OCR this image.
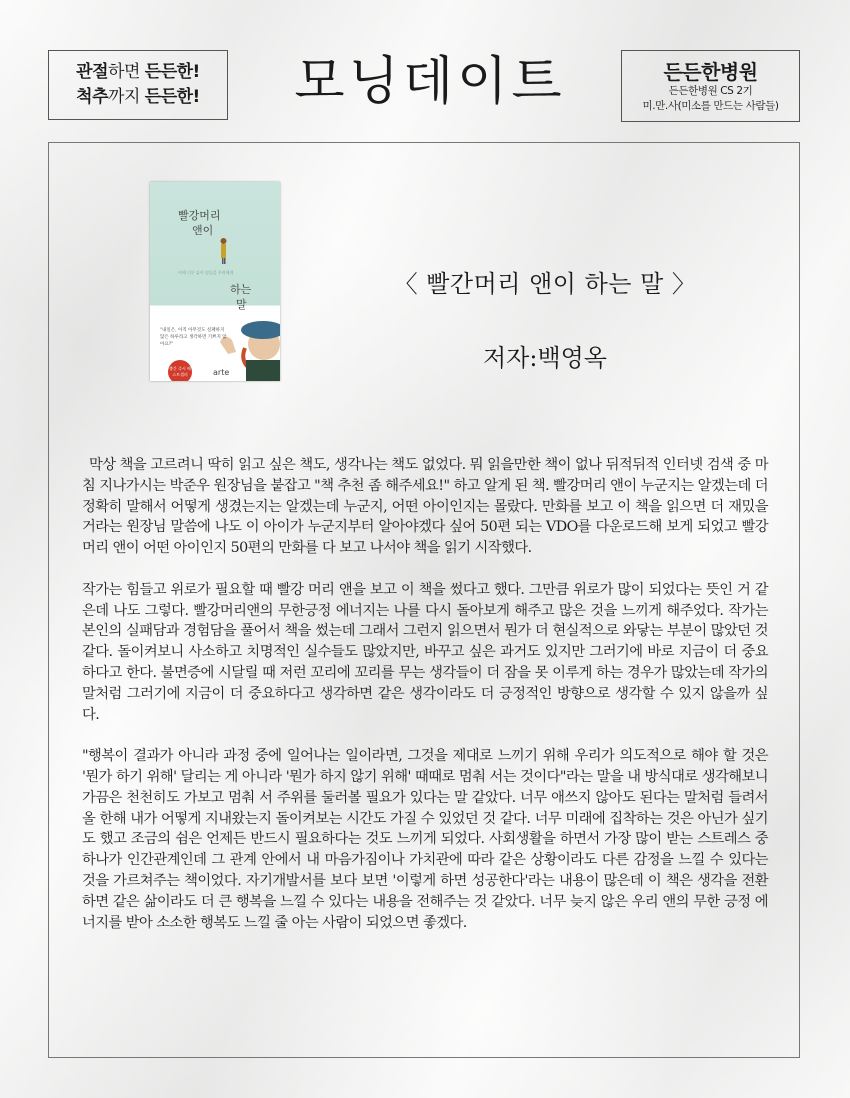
관절하면 든든한!
척추까지 든든한!	모닝데이트	든든한병원
든든한병원 CS 2기
미.만.사(미소를 만드는 사람들)
빨강머리
앤이
어제 너무 늦어 힘들을 우리에게
하는
말
"내일은, 아직 아무것도 실패하지 않은 하루라고 생각하면 기쁘지 않아요?"
출간 즉시 베스트셀러	arte
〈 빨간머리 앤이 하는 말 〉
저자:백영옥

막상 책을 고르려니 딱히 읽고 싶은 책도, 생각나는 책도 없었다. 뭐 읽을만한 책이 없나 뒤적뒤적 인터넷 검색 중 마침 지나가시는 박준우 원장님을 붙잡고 "책 추천 좀 해주세요!" 하고 알게 된 책. 빨강머리 앤이 누군지는 알겠는데 더 정확히 말해서 어떻게 생겼는지는 알겠는데 누군지, 어떤 아이인지는 몰랐다. 만화를 보고 이 책을 읽으면 더 재밌을 거라는 원장님 말씀에 나도 이 아이가 누군지부터 알아야겠다 싶어 50편 되는 VDO를 다운로드해 보게 되었고 빨강 머리 앤이 어떤 아이인지 50편의 만화를 다 보고 나서야 책을 읽기 시작했다.

작가는 힘들고 위로가 필요할 때 빨강 머리 앤을 보고 이 책을 썼다고 했다. 그만큼 위로가 많이 되었다는 뜻인 거 같은데 나도 그렇다. 빨강머리앤의 무한긍정 에너지는 나를 다시 돌아보게 해주고 많은 것을 느끼게 해주었다. 작가는 본인의 실패담과 경험담을 풀어서 책을 썼는데 그래서 그런지 읽으면서 뭔가 더 현실적으로 와닿는 부분이 많았던 것 같다. 돌이켜보니 사소하고 치명적인 실수들도 많았지만, 바꾸고 싶은 과거도 있지만 그러기에 바로 지금이 더 중요하다고 한다. 불면증에 시달릴 때 저런 꼬리에 꼬리를 무는 생각들이 더 잠을 못 이루게 하는 경우가 많았는데 작가의 말처럼 그러기에 지금이 더 중요하다고 생각하면 같은 생각이라도 더 긍정적인 방향으로 생각할 수 있지 않을까 싶다.

"행복이 결과가 아니라 과정 중에 일어나는 일이라면, 그것을 제대로 느끼기 위해 우리가 의도적으로 해야 할 것은 '뭔가 하기 위해' 달리는 게 아니라 '뭔가 하지 않기 위해' 때때로 멈춰 서는 것이다"라는 말을 내 방식대로 생각해보니 가끔은 천천히도 가보고 멈춰 서 주위를 둘러볼 필요가 있다는 말 같았다. 너무 애쓰지 않아도 된다는 말처럼 들려서 올 한해 내가 어떻게 지내왔는지 돌이켜보는 시간도 가질 수 있었던 것 같다. 너무 미래에 집착하는 것은 아닌가 싶기도 했고 조금의 쉼은 언제든 반드시 필요하다는 것도 느끼게 되었다. 사회생활을 하면서 가장 많이 받는 스트레스 중 하나가 인간관계인데 그 관계 안에서 내 마음가짐이나 가치관에 따라 같은 상황이라도 다른 감정을 느낄 수 있다는 것을 가르쳐주는 책이었다. 자기개발서를 보다 보면 '이렇게 하면 성공한다'라는 내용이 많은데 이 책은 생각을 전환하면 같은 삶이라도 더 큰 행복을 느낄 수 있다는 내용을 전해주는 것 같았다. 너무 늦지 않은 우리 앤의 무한 긍정 에너지를 받아 소소한 행복도 느낄 줄 아는 사람이 되었으면 좋겠다.
